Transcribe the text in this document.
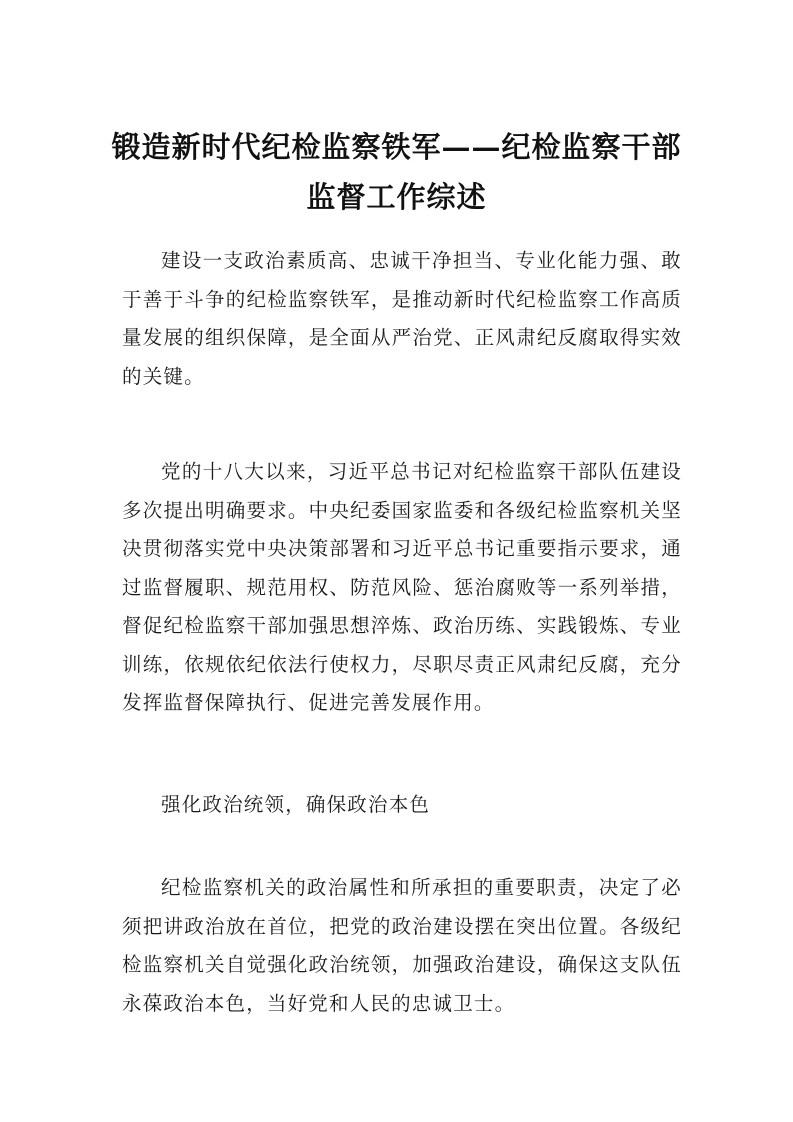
锻造新时代纪检监察铁军——纪检监察干部监督工作综述
建设一支政治素质高、忠诚干净担当、专业化能力强、敢于善于斗争的纪检监察铁军，是推动新时代纪检监察工作高质量发展的组织保障，是全面从严治党、正风肃纪反腐取得实效的关键。
党的十八大以来，习近平总书记对纪检监察干部队伍建设多次提出明确要求。中央纪委国家监委和各级纪检监察机关坚决贯彻落实党中央决策部署和习近平总书记重要指示要求，通过监督履职、规范用权、防范风险、惩治腐败等一系列举措，督促纪检监察干部加强思想淬炼、政治历练、实践锻炼、专业训练，依规依纪依法行使权力，尽职尽责正风肃纪反腐，充分发挥监督保障执行、促进完善发展作用。
强化政治统领，确保政治本色
纪检监察机关的政治属性和所承担的重要职责，决定了必须把讲政治放在首位，把党的政治建设摆在突出位置。各级纪检监察机关自觉强化政治统领，加强政治建设，确保这支队伍永葆政治本色，当好党和人民的忠诚卫士。
